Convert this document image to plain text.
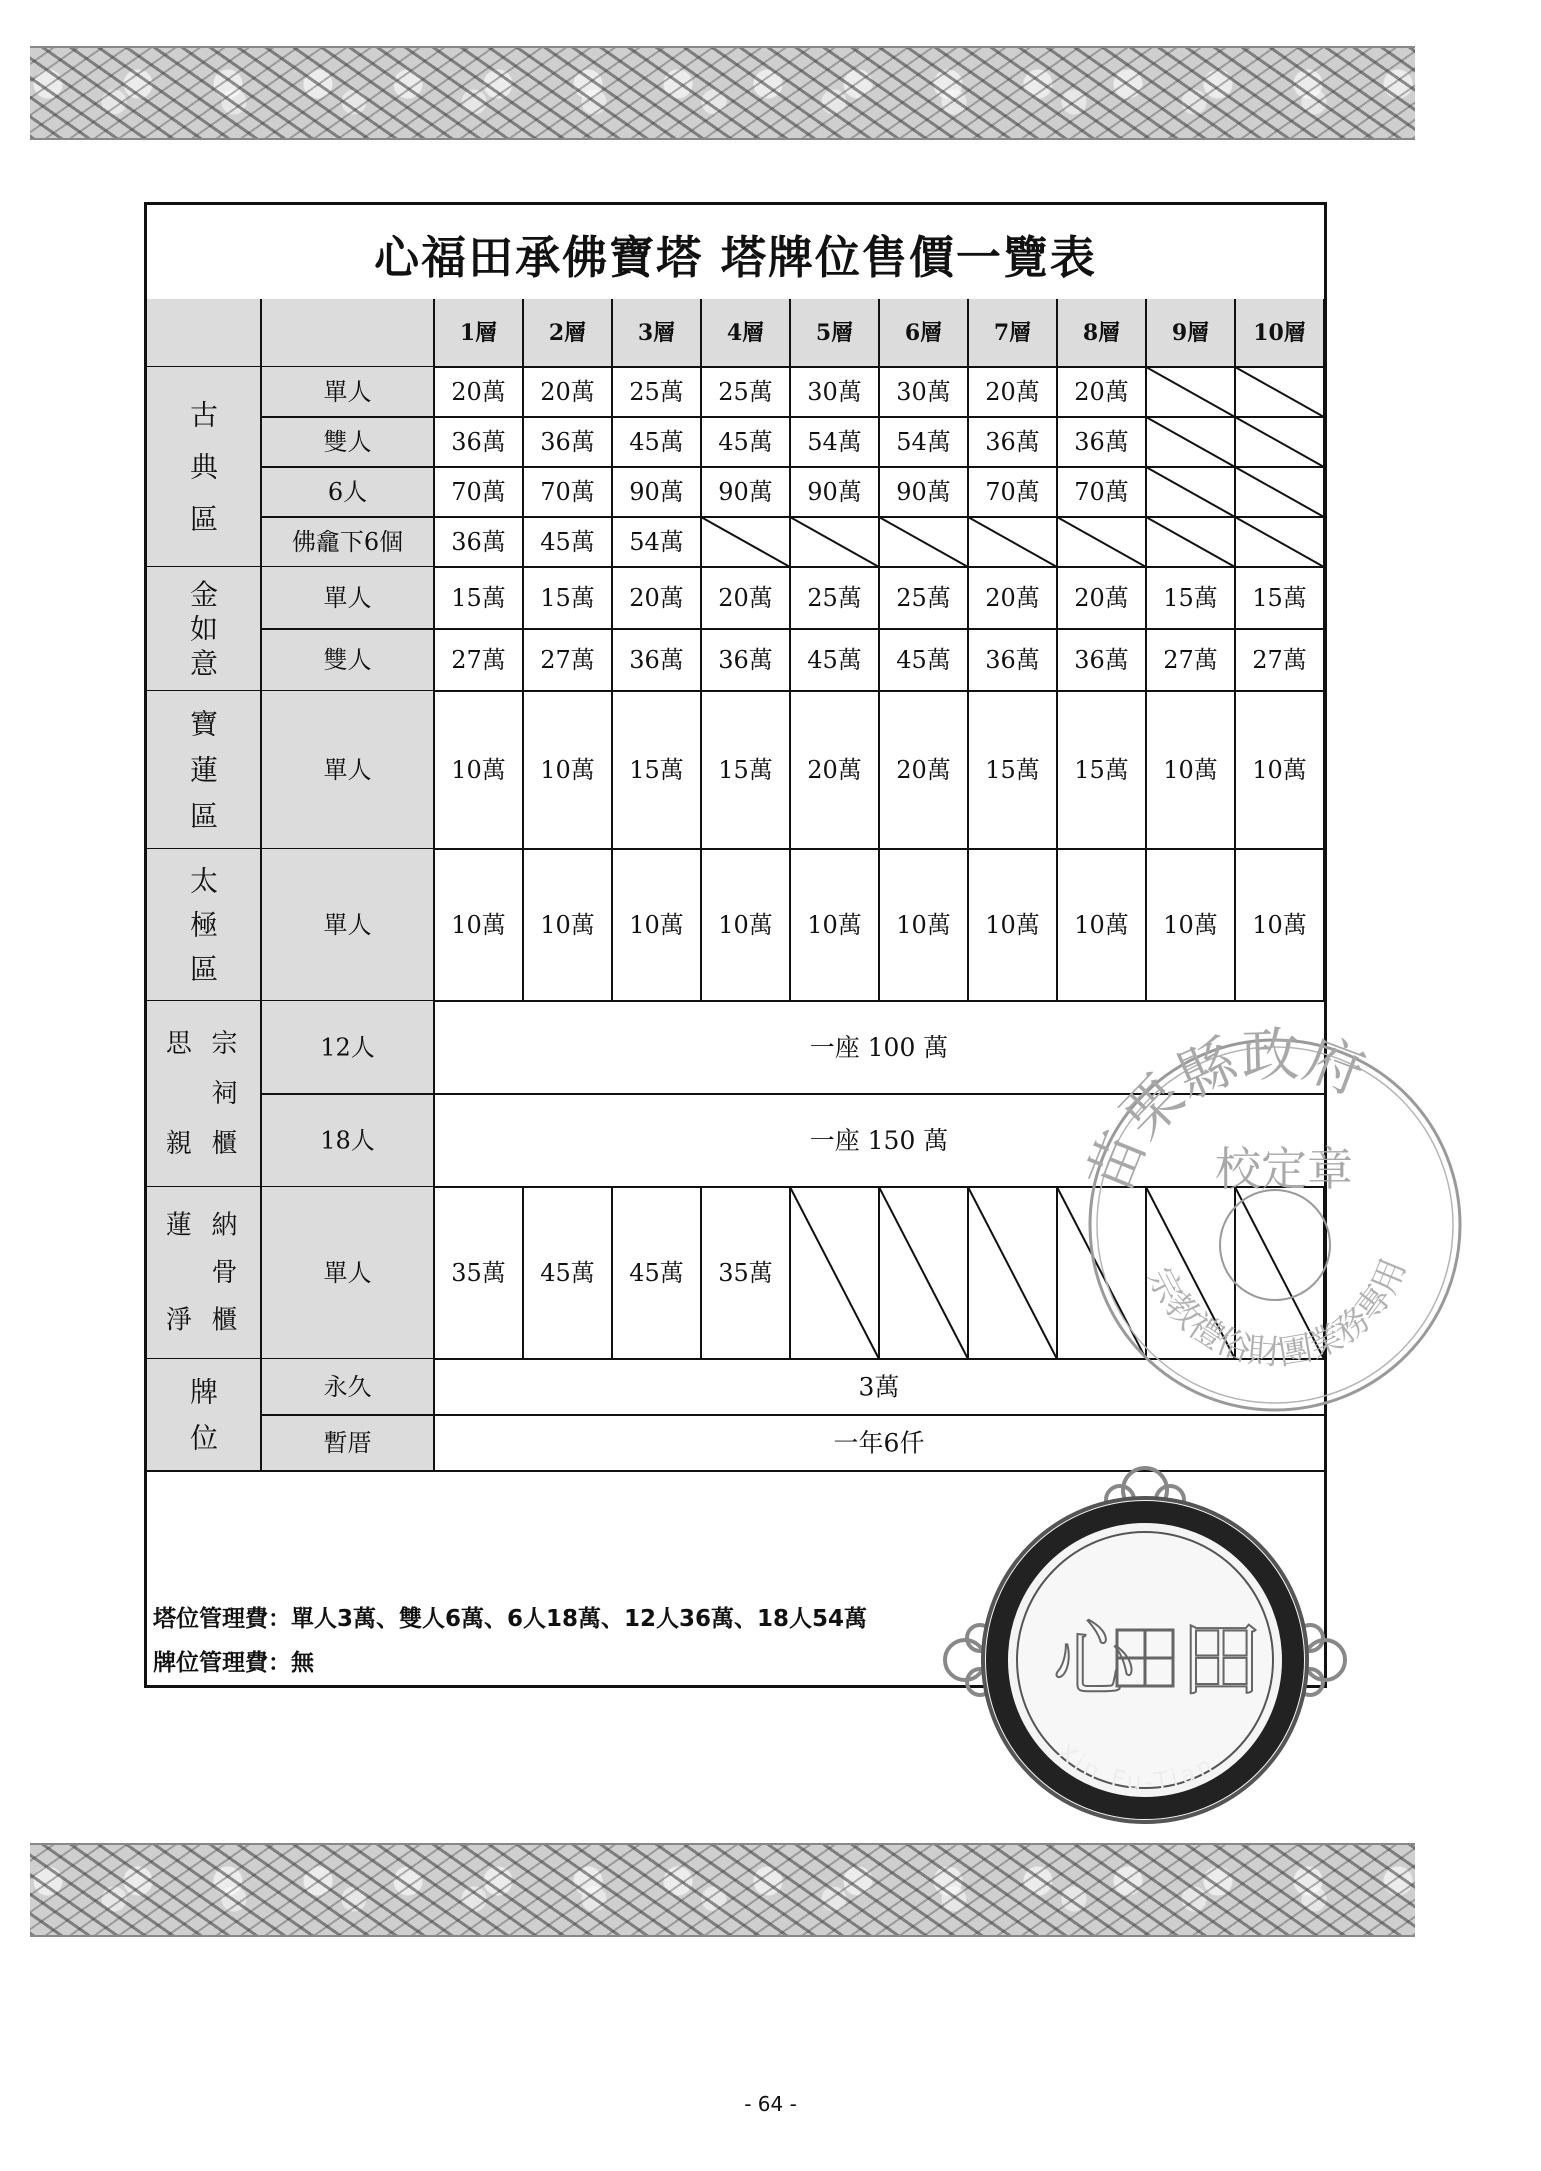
心福田承佛寶塔 塔牌位售價一覽表
1層 2層 3層 4層 5層 6層 7層 8層 9層 10層
古
典
區
單人	20萬 20萬 25萬 25萬 30萬 30萬 20萬 20萬
雙人	36萬 36萬 45萬 45萬 54萬 54萬 36萬 36萬
6人	70萬 70萬 90萬 90萬 90萬 90萬 70萬 70萬
佛龕下6個 36萬 45萬 54萬
金
如
意
單人	15萬 15萬 20萬 20萬 25萬 25萬 20萬 20萬 15萬 15萬
雙人	27萬 27萬 36萬 36萬 45萬 45萬 36萬 36萬 27萬 27萬
寶
蓮
區
單人	10萬 10萬 15萬 15萬 20萬 20萬 15萬 15萬 10萬 10萬
太
極
區
單人	10萬 10萬 10萬 10萬 10萬 10萬 10萬 10萬 10萬 10萬
宗
祠
櫃
思
親
12人	一座 100 萬
18人	一座 150 萬
納
骨
櫃
蓮
淨
單人	35萬 45萬 45萬 35萬
牌
位
永久	3萬
暫厝	一年6仟
塔位管理費：單人3萬、雙人6萬、6人18萬、12人36萬、18人54萬
牌位管理費：無
苗栗縣政府
校定章
宗教禮俗財團業務專用
心 田
Xin Fu-Tian
- 64 -
